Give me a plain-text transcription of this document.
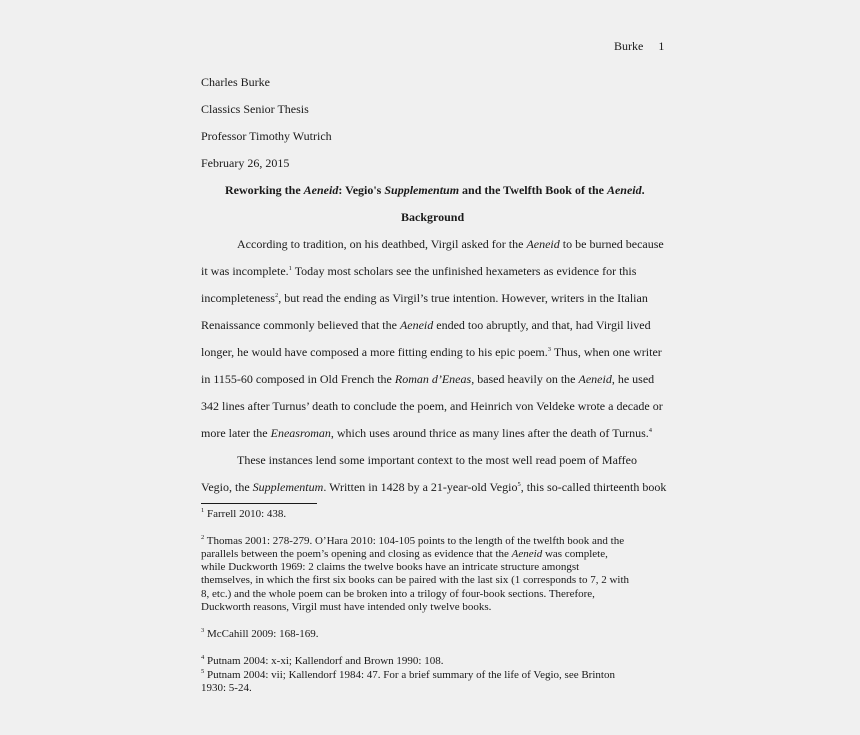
Burke 1
Charles Burke
Classics Senior Thesis
Professor Timothy Wutrich
February 26, 2015
Reworking the Aeneid: Vegio's Supplementum and the Twelfth Book of the Aeneid.
Background
According to tradition, on his deathbed, Virgil asked for the Aeneid to be burned because
it was incomplete.$^1$ Today most scholars see the unfinished hexameters as evidence for this
incompleteness$^2$, but read the ending as Virgil’s true intention. However, writers in the Italian
Renaissance commonly believed that the Aeneid ended too abruptly, and that, had Virgil lived
longer, he would have composed a more fitting ending to his epic poem.$^3$ Thus, when one writer
in 1155-60 composed in Old French the Roman d’Eneas, based heavily on the Aeneid, he used
342 lines after Turnus’ death to conclude the poem, and Heinrich von Veldeke wrote a decade or
more later the Eneasroman, which uses around thrice as many lines after the death of Turnus.$^4$
These instances lend some important context to the most well read poem of Maffeo
Vegio, the Supplementum. Written in 1428 by a 21-year-old Vegio$^5$, this so-called thirteenth book
$^1$ Farrell 2010: 438.
$^2$ Thomas 2001: 278-279. O’Hara 2010: 104-105 points to the length of the twelfth book and the
parallels between the poem’s opening and closing as evidence that the Aeneid was complete,
while Duckworth 1969: 2 claims the twelve books have an intricate structure amongst
themselves, in which the first six books can be paired with the last six (1 corresponds to 7, 2 with
8, etc.) and the whole poem can be broken into a trilogy of four-book sections. Therefore,
Duckworth reasons, Virgil must have intended only twelve books.
$^3$ McCahill 2009: 168-169.
$^4$ Putnam 2004: x-xi; Kallendorf and Brown 1990: 108.
$^5$ Putnam 2004: vii; Kallendorf 1984: 47. For a brief summary of the life of Vegio, see Brinton
1930: 5-24.
